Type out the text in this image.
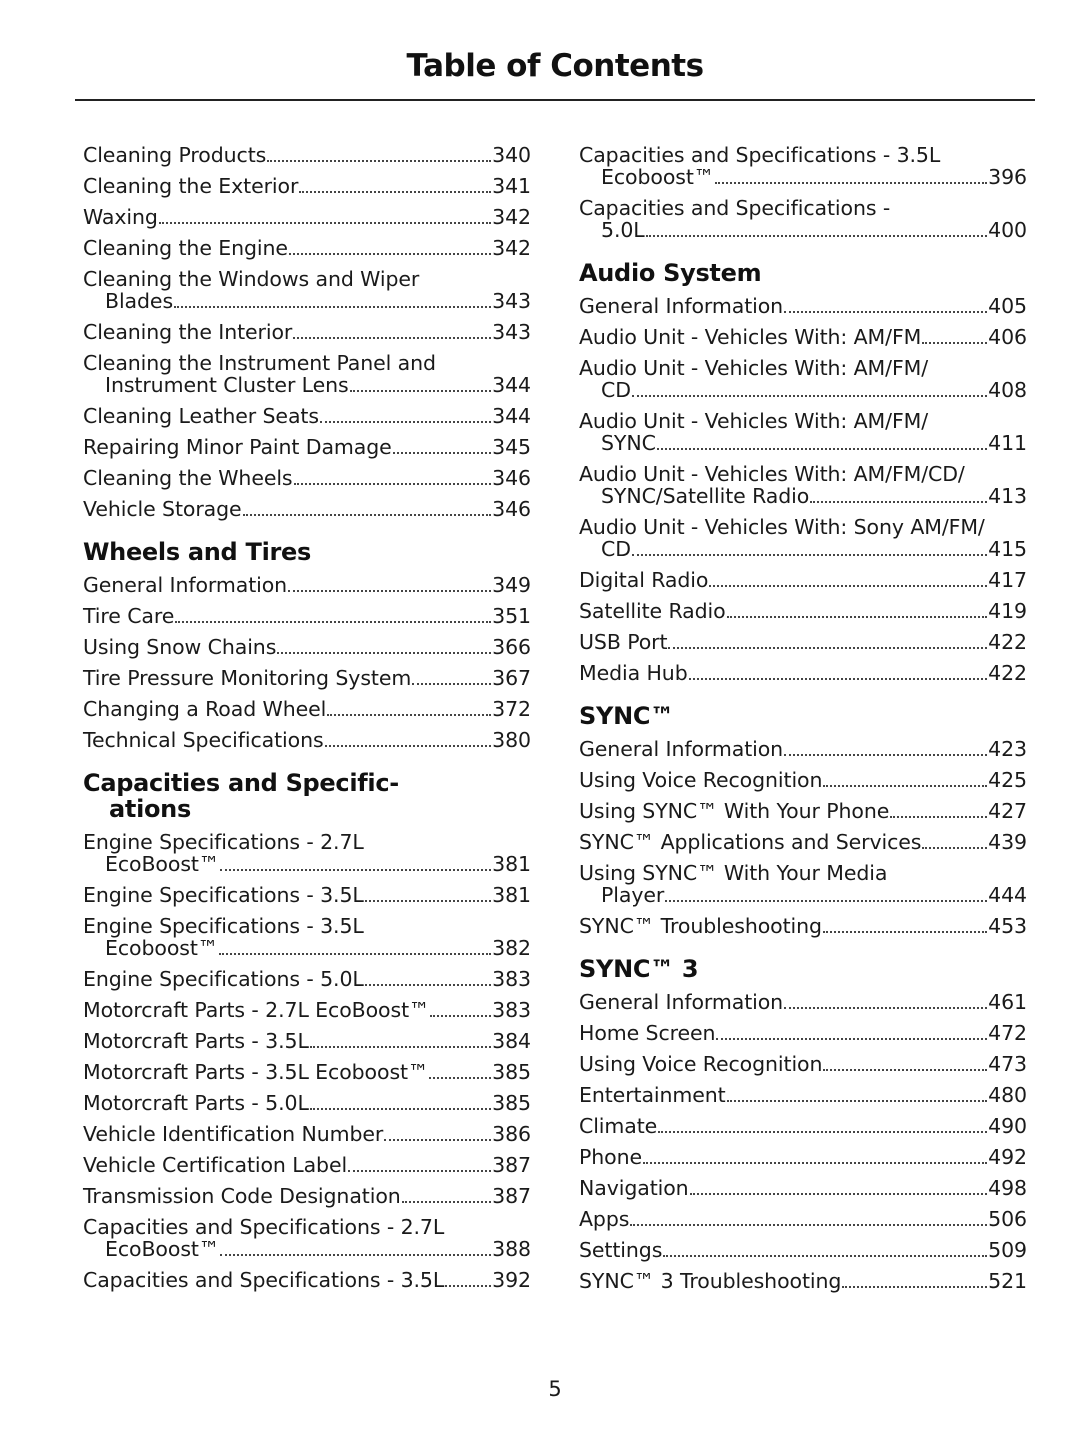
Table of Contents
Cleaning Products	340
Cleaning the Exterior	341
Waxing	342
Cleaning the Engine	342
Cleaning the Windows and Wiper
Blades	343
Cleaning the Interior	343
Cleaning the Instrument Panel and
Instrument Cluster Lens	344
Cleaning Leather Seats	344
Repairing Minor Paint Damage	345
Cleaning the Wheels	346
Vehicle Storage	346
Wheels and Tires
General Information	349
Tire Care	351
Using Snow Chains	366
Tire Pressure Monitoring System	367
Changing a Road Wheel	372
Technical Specifications	380
Capacities and Specific-
ations
Engine Specifications - 2.7L
EcoBoost™	381
Engine Specifications - 3.5L	381
Engine Specifications - 3.5L
Ecoboost™	382
Engine Specifications - 5.0L	383
Motorcraft Parts - 2.7L EcoBoost™	383
Motorcraft Parts - 3.5L	384
Motorcraft Parts - 3.5L Ecoboost™	385
Motorcraft Parts - 5.0L	385
Vehicle Identification Number	386
Vehicle Certification Label	387
Transmission Code Designation	387
Capacities and Specifications - 2.7L
EcoBoost™	388
Capacities and Specifications - 3.5L 392
Capacities and Specifications - 3.5L
Ecoboost™	396
Capacities and Specifications -
5.0L	400
Audio System
General Information	405
Audio Unit - Vehicles With: AM/FM	406
Audio Unit - Vehicles With: AM/FM/
CD	408
Audio Unit - Vehicles With: AM/FM/
SYNC	411
Audio Unit - Vehicles With: AM/FM/CD/
SYNC/Satellite Radio	413
Audio Unit - Vehicles With: Sony AM/FM/
CD	415
Digital Radio	417
Satellite Radio	419
USB Port	422
Media Hub	422
SYNC™
General Information	423
Using Voice Recognition	425
Using SYNC™ With Your Phone	427
SYNC™ Applications and Services	439
Using SYNC™ With Your Media
Player	444
SYNC™ Troubleshooting	453
SYNC™ 3
General Information	461
Home Screen	472
Using Voice Recognition	473
Entertainment	480
Climate	490
Phone	492
Navigation	498
Apps	506
Settings	509
SYNC™ 3 Troubleshooting	521
5
